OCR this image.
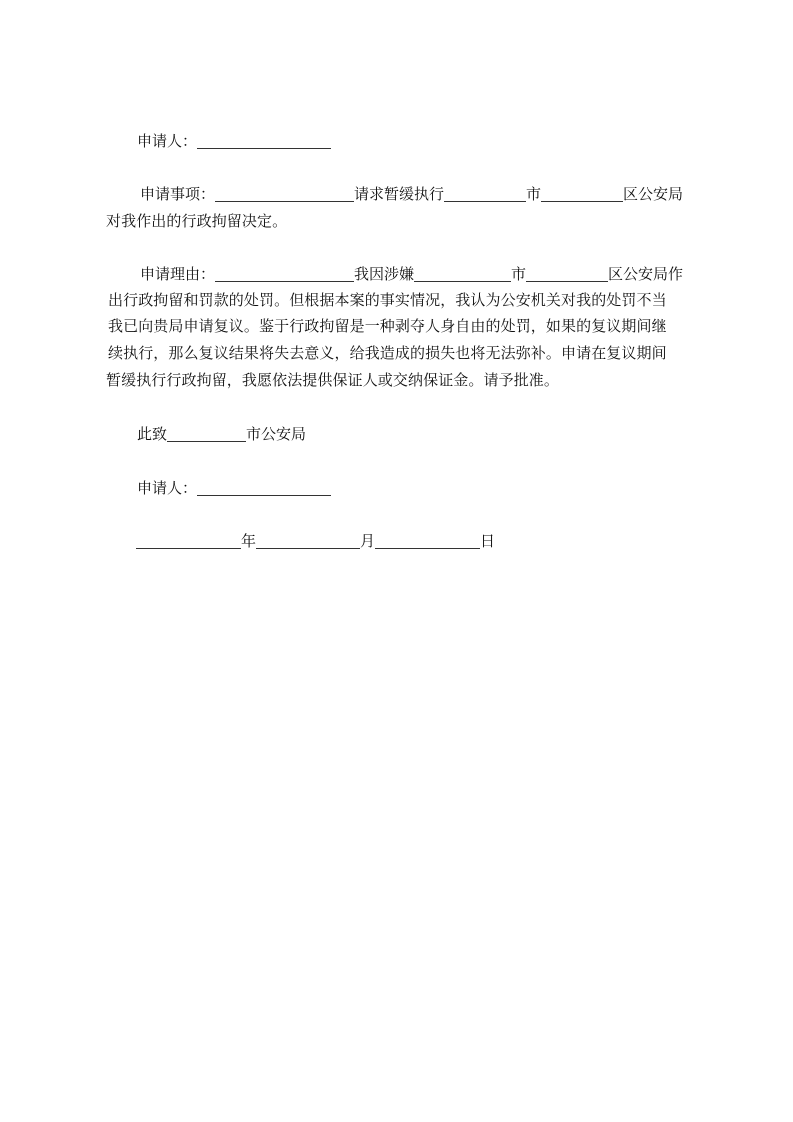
申请人：
申请事项：	请求暂缓执行	市	区公安局
对我作出的行政拘留决定。
申请理由：	我因涉嫌	市	区公安局作
出行政拘留和罚款的处罚。但根据本案的事实情况，我认为公安机关对我的处罚不当
我已向贵局申请复议。鉴于行政拘留是一种剥夺人身自由的处罚，如果的复议期间继
续执行，那么复议结果将失去意义，给我造成的损失也将无法弥补。申请在复议期间
暂缓执行行政拘留，我愿依法提供保证人或交纳保证金。请予批准。
此致	市公安局
申请人：
年	月	日
